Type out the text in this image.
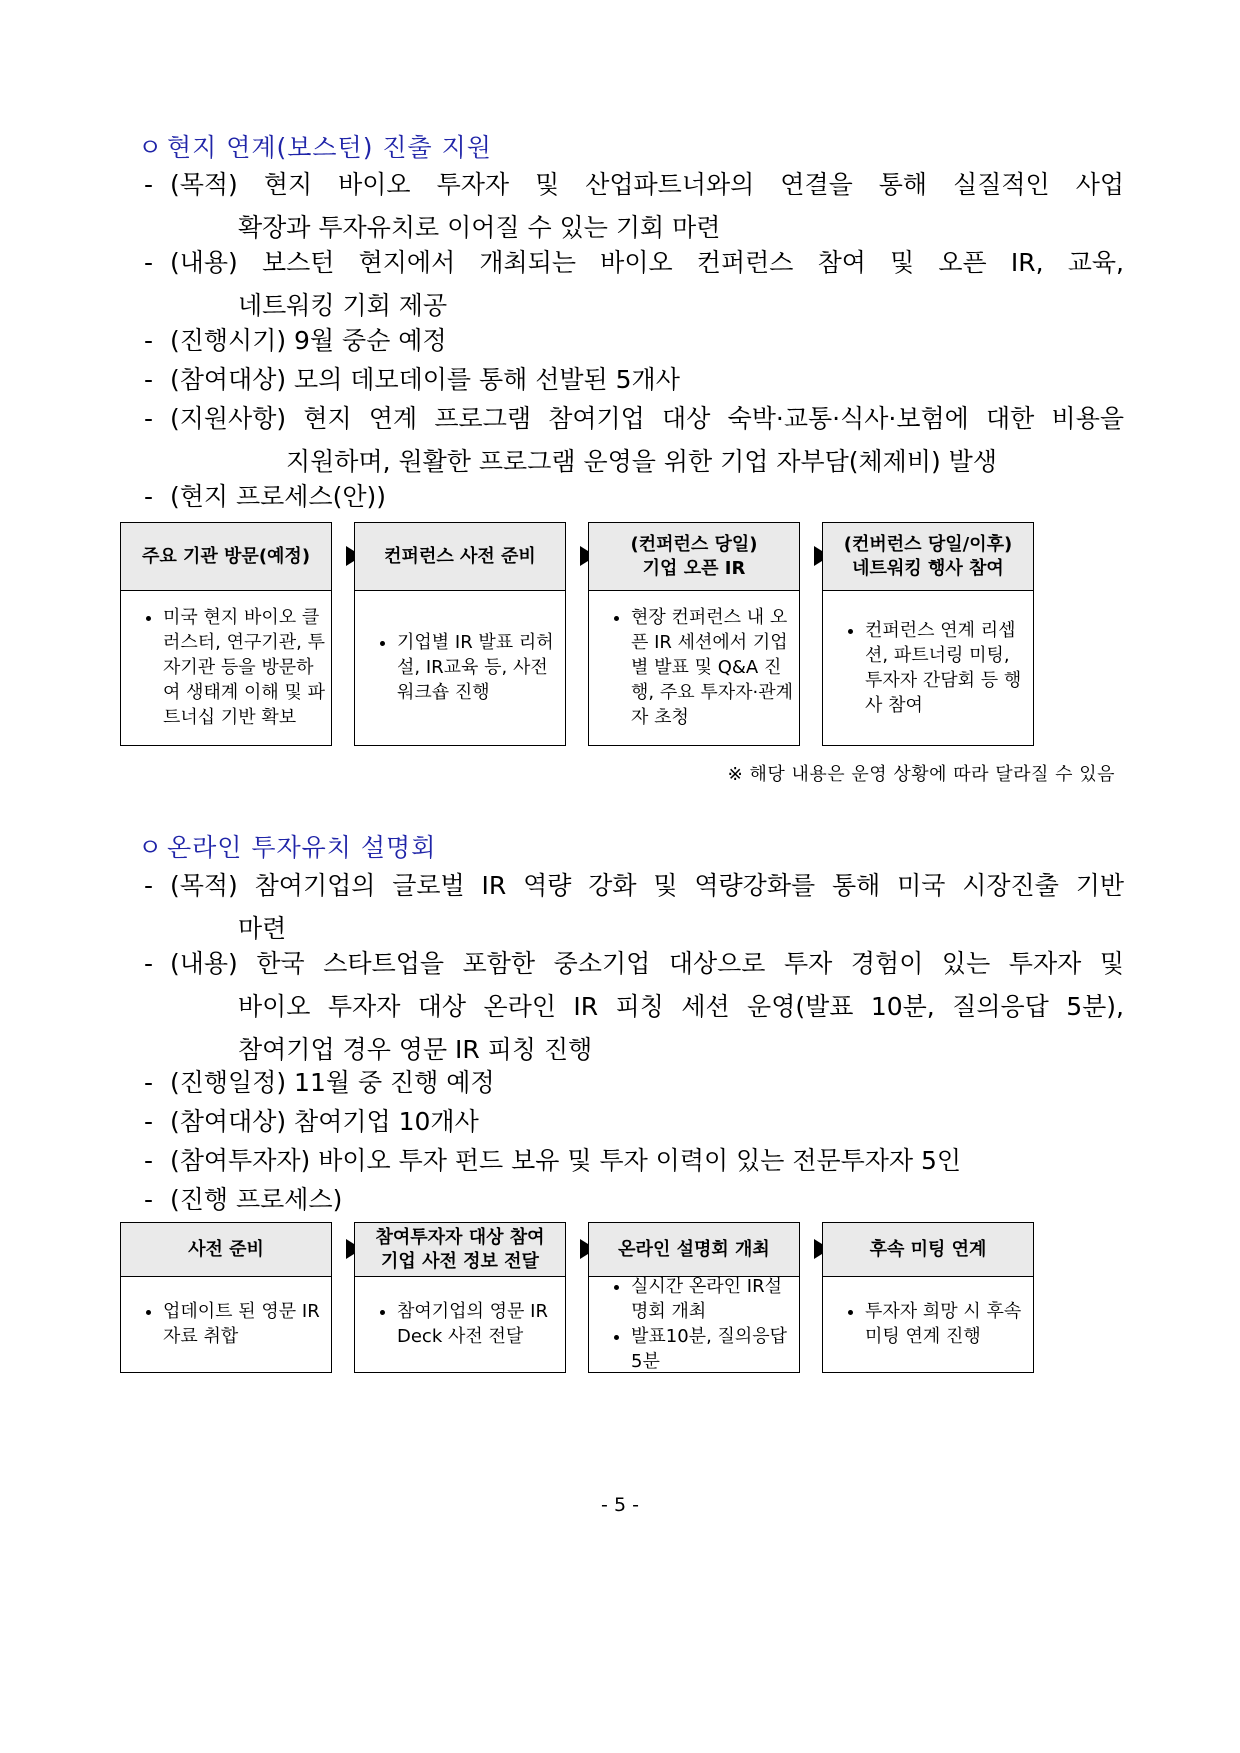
ㅇ 현지 연계(보스턴) 진출 지원
- (목적) 현지 바이오 투자자 및 산업파트너와의 연결을 통해 실질적인 사업

확장과 투자유치로 이어질 수 있는 기회 마련

- (내용) 보스턴 현지에서 개최되는 바이오 컨퍼런스 참여 및 오픈 IR, 교육,

네트워킹 기회 제공

- (진행시기) 9월 중순 예정

- (참여대상) 모의 데모데이를 통해 선발된 5개사

- (지원사항) 현지 연계 프로그램 참여기업 대상 숙박·교통·식사·보험에 대한 비용을

지원하며, 원활한 프로그램 운영을 위한 기업 자부담(체제비) 발생

- (현지 프로세스(안))

주요 기관 방문(예정)
• 미국 현지 바이오 클러스터, 연구기관, 투자기관 등을 방문하여 생태계 이해 및 파트너십 기반 확보
컨퍼런스 사전 준비
• 기업별 IR 발표 리허설, IR교육 등, 사전 워크숍 진행
(컨퍼런스 당일)
기업 오픈 IR
• 현장 컨퍼런스 내 오픈 IR 세션에서 기업별 발표 및 Q&A 진행, 주요 투자자·관계자 초청
(컨버런스 당일/이후)
네트워킹 행사 참여
• 컨퍼런스 연계 리셉션, 파트너링 미팅, 투자자 간담회 등 행사 참여
※ 해당 내용은 운영 상황에 따라 달라질 수 있음
ㅇ 온라인 투자유치 설명회
- (목적) 참여기업의 글로벌 IR 역량 강화 및 역량강화를 통해 미국 시장진출 기반

마련

- (내용) 한국 스타트업을 포함한 중소기업 대상으로 투자 경험이 있는 투자자 및

바이오 투자자 대상 온라인 IR 피칭 세션 운영(발표 10분, 질의응답 5분),

참여기업 경우 영문 IR 피칭 진행

- (진행일정) 11월 중 진행 예정

- (참여대상) 참여기업 10개사

- (참여투자자) 바이오 투자 펀드 보유 및 투자 이력이 있는 전문투자자 5인

- (진행 프로세스)

사전 준비
• 업데이트 된 영문 IR자료 취합
참여투자자 대상 참여
기업 사전 정보 전달
• 참여기업의 영문 IR Deck 사전 전달
온라인 설명회 개최
• 실시간 온라인 IR설명회 개최
• 발표10분, 질의응답5분
후속 미팅 연계
• 투자자 희망 시 후속 미팅 연계 진행
- 5 -
